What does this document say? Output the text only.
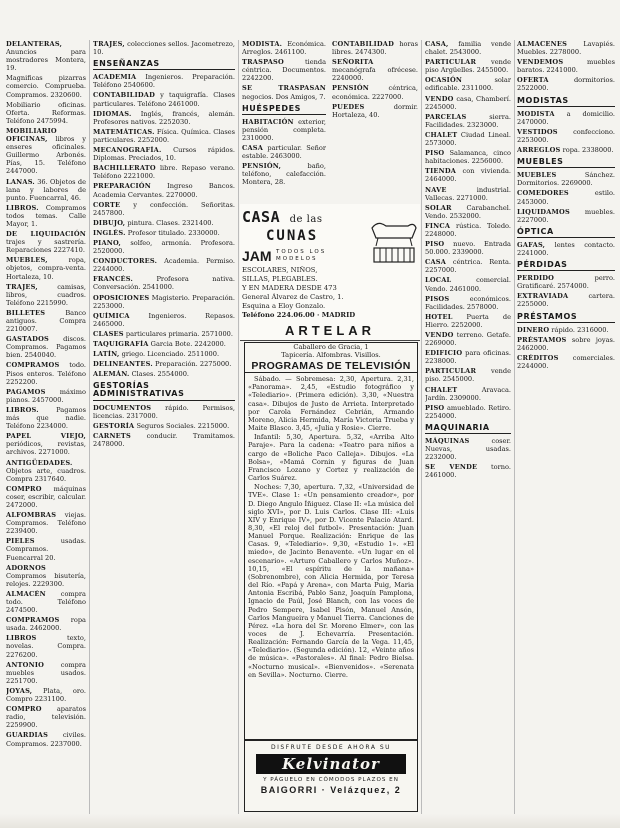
DELANTERAS, Anuncios para mostradores Montera, 19.
Magnificas pizarras comercio. Comprueba. Compramos. 2320600.
Mobiliario oficinas. Oferta. Reformas. Teléfono 2475994.
MOBILIARIO OFICINAS, libros y enseres oficinales. Guillermo Arbonés. Pías, 15. Teléfono 2447000.
LANAS. 36. Objetos de lana y labores de punto. Fuencarral, 46.
LIBROS. Compramos todos temas. Calle Mayor, 1.
DE LIQUIDACIÓN trajes y sastrería. Reparaciones 2227410.
MUEBLES,	ropa, objetos, compra-venta. Hortaleza, 10.
TRAJES,	camisas, libros, cuadros. Teléfono 2215990.
BILLETES	Banco antiguos. Compra 2210007.
GASTADOS discos. Compramos. Pagamos bien. 2540040.
COMPRAMOS todo. Pisos enteros. Teléfono 2252200.
PAGAMOS máximo pianos. 2457000.
LIBROS.	Pagamos más que nadie. Teléfono 2234000.
PAPEL VIEJO, periódicos, revistas, archivos. 2271000.
ANTIGÜEDADES. Objetos arte, cuadros. Compra 2317640.
COMPRO máquinas coser, escribir, calcular. 2472000.
ALFOMBRAS viejas. Compramos. Teléfono 2239400.
PIELES	usadas. Compramos. Fuencarral 20.
ADORNOS Compramos bisutería, relojes. 2229300.
ALMACÉN compra todo. Teléfono 2474500.
COMPRAMOS ropa usada. 2462000.
LIBROS	texto, novelas. Compra. 2276200.
ANTONIO	compra muebles usados. 2251700.
JOYAS, Plata, oro. Compro 2231100.
COMPRO aparatos radio, televisión. 2259900.
GUARDIAS civiles. Compramos. 2237000.
TRAJES, colecciones sellos. Jacometrezo, 10.
ENSEÑANZAS
ACADEMIA Ingenieros. Preparación. Teléfono 2540600.
CONTABILIDAD y taquigrafía. Clases particulares. Teléfono 2461000.
IDIOMAS. Inglés, francés, alemán. Profesores nativos. 2252030.
MATEMÁTICAS. Física. Química. Clases particulares. 2252000.
MECANOGRAFÍA. Cursos rápidos. Diplomas. Preciados, 10.
BACHILLERATO libre. Repaso verano. Teléfono 2221000.
PREPARACIÓN Ingreso Bancos. Academia Cervantes. 2270000.
CORTE y confección. Señoritas. 2457800.
DIBUJO, pintura. Clases. 2321400.
INGLÉS. Profesor titulado. 2330000.
PIANO, solfeo, armonía. Profesora. 2520000.
CONDUCTORES. Academia. Permiso. 2244000.
FRANCÉS.	Profesora nativa. Conversación. 2541000.
OPOSICIONES Magisterio. Preparación. 2253000.
QUÍMICA	Ingenieros. Repasos. 2465000.
CLASES particulares primaria. 2571000.
TAQUIGRAFÍA Garcia Bote. 2242000.
LATÍN, griego. Licenciado. 2511000.
DELINEANTES. Preparación. 2275000.
ALEMÁN. Clases. 2554000.
GESTORÍAS ADMINISTRATIVAS
DOCUMENTOS rápido. Permisos, licencias. 2317000.
GESTORÍA Seguros Sociales. 2215000.
CARNETS conducir. Tramitamos. 2478000.
MODISTA. Económica. Arreglos. 2461100.
TRASPASO	tienda céntrica. Documentos. 2242200.
SE TRASPASAN negocios. Dos Amigos, 7.
HUÉSPEDES
HABITACIÓN exterior, pensión completa. 2310000.
CASA particular. Señor estable. 2463000.
PENSIÓN,	baño, teléfono, calefacción. Montera, 28.
CONTABILIDAD horas libres. 2474300.
SEÑORITA mecanógrafa ofrécese. 2240000.
PENSIÓN	céntrica, económica. 2227000.
PUEDES	dormir. Hortaleza, 40.
CASA, familia vende chalet. 2543000.
PARTICULAR vende piso Argüelles. 2455000.
OCASIÓN	solar edificable. 2311000.
VENDO casa, Chamberí. 2245000.
PARCELAS	sierra. Facilidades. 2323000.
CHALET Ciudad Lineal. 2573000.
PISO Salamanca, cinco habitaciones. 2256000.
TIENDA con vivienda. 2464000.
NAVE	industrial. Vallecas. 2271000.
SOLAR Carabanchel. Vendo. 2532000.
FINCA rústica. Toledo. 2248000.
PISO nuevo. Entrada 50.000. 2339000.
CASA céntrica. Renta. 2257000.
LOCAL	comercial. Vendo. 2461000.
PISOS	económicos. Facilidades. 2578000.
HOTEL Puerta de Hierro. 2252000.
VENDO terreno. Getafe. 2269000.
EDIFICIO para oficinas. 2238000.
PARTICULAR vende piso. 2545000.
CHALET	Aravaca. Jardín. 2309000.
PISO amueblado. Retiro. 2254000.
MAQUINARIA
MÁQUINAS	coser. Nuevas, usadas. 2232000.
SE VENDE torno. 2461000.
ALMACENES Lavapiés. Muebles. 2278000.
VENDEMOS	muebles baratos. 2241000.
OFERTA	dormitorios. 2522000.
MODISTAS
MODISTA a domicilio. 2470000.
VESTIDOS confecciono. 2253000.
ARREGLOS ropa. 2338000.
MUEBLES
MUEBLES	Sánchez. Dormitorios. 2269000.
COMEDORES	estilo. 2453000.
LIQUIDAMOS muebles. 2227000.
ÓPTICA
GAFAS, lentes contacto. 2241000.
PÉRDIDAS
PERDIDO	perro. Gratificaré. 2574000.
EXTRAVIADA	cartera. 2255000.
PRÉSTAMOS
DINERO rápido. 2316000.
PRÉSTAMOS sobre joyas. 2462000.
CRÉDITOS comerciales. 2244000.
CASA de las
CUNAS
JAM TODOS LOS
MODELOS
ESCOLARES, NIÑOS,
SILLAS, PLEGABLES.
Y EN MADERA DESDE 473
General Álvarez de Castro, 1.
Esquina a Eloy Gonzalo.
Teléfono 224.06.00 · MADRID
ARTELAR
Caballero de Gracia, 1
Tapicería. Alfombras. Visillos.
PROGRAMAS DE TELEVISIÓN

Sábado. — Sobremesa: 2,30, Apertura. 2,31, «Panorama». 2,45, «Estudio fotográfico y «Telediario». (Primera edición). 3,30, «Nuestra casa». Dibujos de Justo de Arrieta. Interpretado por Carola Fernández Cebrián, Armando Moreno, Alicia Hermida, María Victoria Trueba y Maite Blasco. 3,45, «Julia y Rosie». Cierre.

Infantil: 5,30, Apertura. 5,32, «Arriba Alto Paraje». Para la cadena: «Teatro para niños a cargo de «Boliche Paco Calleja». Dibujos. «La Bolsa», «Mamá Cornin y figuras de Juan Francisco Lozano y Cortez y realización de Carlos Suárez.

Noches: 7,30, apertura. 7,32, «Universidad de TVE». Clase 1: «Un pensamiento creador», por D. Diego Angulo Íñiguez. Clase II: «La música del siglo XVI», por D. Luis Carlos. Clase III: «Luis XIV y Enrique IV», por D. Vicente Palacio Atard. 8,30, «El reloj del futbol». Presentación: Juan Manuel Porque. Realización: Enrique de las Casas. 9, «Telediario». 9,30, «Estudio 1». «El miedo», de Jacinto Benavente. «Un lugar en el escenario». «Arturo Caballero y Carlos Muñoz». 10,15, «El espíritu de la mañana» (Sobrenombre), con Alicia Hermida, por Teresa del Río. «Papá y Arena», con Marta Puig, Maria Antonia Escribá, Pablo Sanz, Joaquín Pamplona, Ignacio de Paúl, José Blanch, con las voces de Pedro Sempere, Isabel Pisón, Manuel Ansón, Carlos Mangueira y Manuel Tierra. Canciones de Pérez. «La hora del Sr. Moreno Elmer», con las voces de J. Echevarría. Presentación. Realización: Fernando García de la Vega. 11,45, «Telediario». (Segunda edición). 12, «Veinte años de música». «Pastorales». Al final: Pedro Bielsa. «Nocturno musical». «Bienvenidos». «Serenata en Sevilla». Nocturno. Cierre.

DISFRUTE DESDE AHORA SU
Kelvinator
Y PÁGUELO EN CÓMODOS PLAZOS EN
BAIGORRI · Velázquez, 2
